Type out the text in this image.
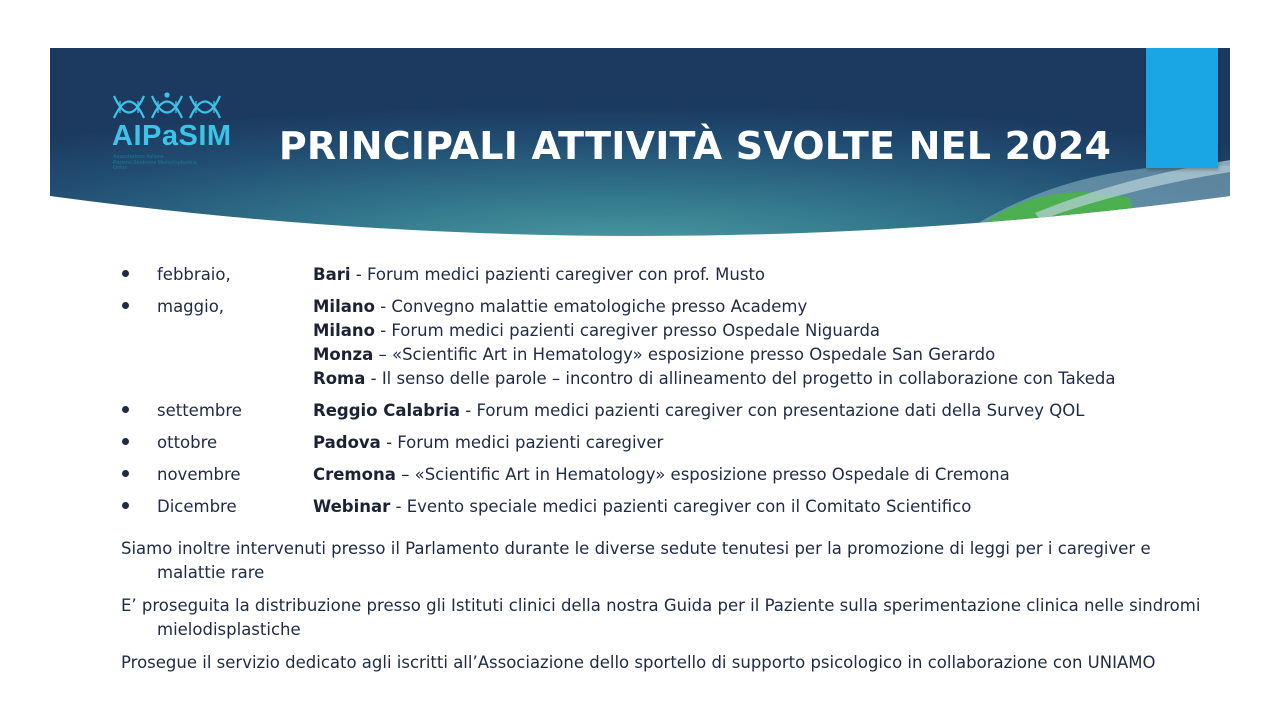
AIPaSIM
Associazione Italiana
Pazienti Sindrome Mielodisplastica
Onlus	PRINCIPALI ATTIVITÀ SVOLTE NEL 2024
febbraio,	Bari - Forum medici pazienti caregiver con prof. Musto
maggio,	Milano - Convegno malattie ematologiche presso Academy
Milano - Forum medici pazienti caregiver presso Ospedale Niguarda
Monza – «Scientific Art in Hematology» esposizione presso Ospedale San Gerardo
Roma - Il senso delle parole – incontro di allineamento del progetto in collaborazione con Takeda
settembre	Reggio Calabria - Forum medici pazienti caregiver con presentazione dati della Survey QOL
ottobre	Padova - Forum medici pazienti caregiver
novembre	Cremona – «Scientific Art in Hematology» esposizione presso Ospedale di Cremona
Dicembre	Webinar - Evento speciale medici pazienti caregiver con il Comitato Scientifico
Siamo inoltre intervenuti presso il Parlamento durante le diverse sedute tenutesi per la promozione di leggi per i caregiver e malattie rare
E’ proseguita la distribuzione presso gli Istituti clinici della nostra Guida per il Paziente sulla sperimentazione clinica nelle sindromi mielodisplastiche
Prosegue il servizio dedicato agli iscritti all’Associazione dello sportello di supporto psicologico in collaborazione con UNIAMO
